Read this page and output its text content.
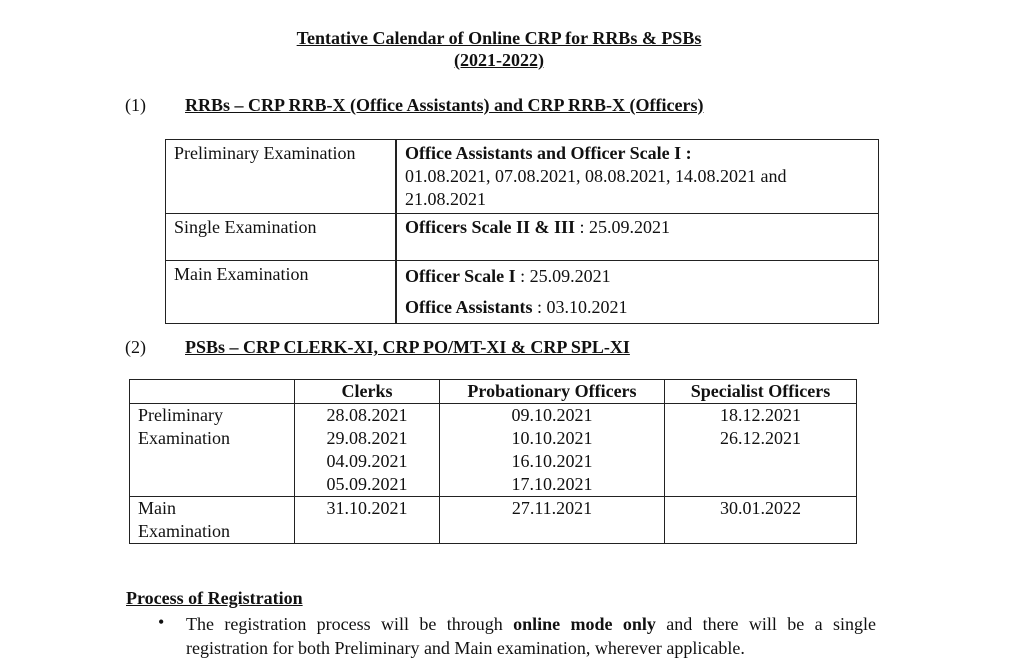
Tentative Calendar of Online CRP for RRBs & PSBs
(2021-2022)
(1) RRBs – CRP RRB-X (Office Assistants) and CRP RRB-X (Officers)
Preliminary Examination	Office Assistants and Officer Scale I :
01.08.2021, 07.08.2021, 08.08.2021, 14.08.2021 and
21.08.2021
Single Examination	Officers Scale II & III : 25.09.2021
Main Examination	Officer Scale I : 25.09.2021
Office Assistants : 03.10.2021
(2) PSBs – CRP CLERK-XI, CRP PO/MT-XI & CRP SPL-XI
	Clerks	Probationary Officers	Specialist Officers
Preliminary
Examination	28.08.2021
29.08.2021
04.09.2021
05.09.2021	09.10.2021
10.10.2021
16.10.2021
17.10.2021	18.12.2021
26.12.2021
Main
Examination	31.10.2021	27.11.2021	30.01.2022
Process of Registration
• The registration process will be through online mode only and there will be a single registration for both Preliminary and Main examination, wherever applicable.
